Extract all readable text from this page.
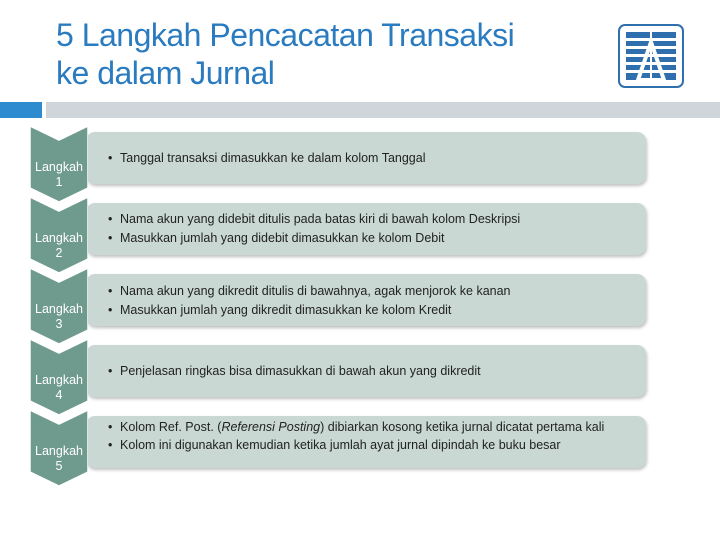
5 Langkah Pencacatan Transaksi
ke dalam Jurnal
• Tanggal transaksi dimasukkan ke dalam kolom Tanggal
Langkah
1
• Nama akun yang didebit ditulis pada batas kiri di bawah kolom Deskripsi
• Masukkan jumlah yang didebit dimasukkan ke kolom Debit
Langkah
2
• Nama akun yang dikredit ditulis di bawahnya, agak menjorok ke kanan
• Masukkan jumlah yang dikredit dimasukkan ke kolom Kredit
Langkah
3
• Penjelasan ringkas bisa dimasukkan di bawah akun yang dikredit
Langkah
4
• Kolom Ref. Post. (Referensi Posting) dibiarkan kosong ketika jurnal dicatat pertama kali
• Kolom ini digunakan kemudian ketika jumlah ayat jurnal dipindah ke buku besar
Langkah
5
